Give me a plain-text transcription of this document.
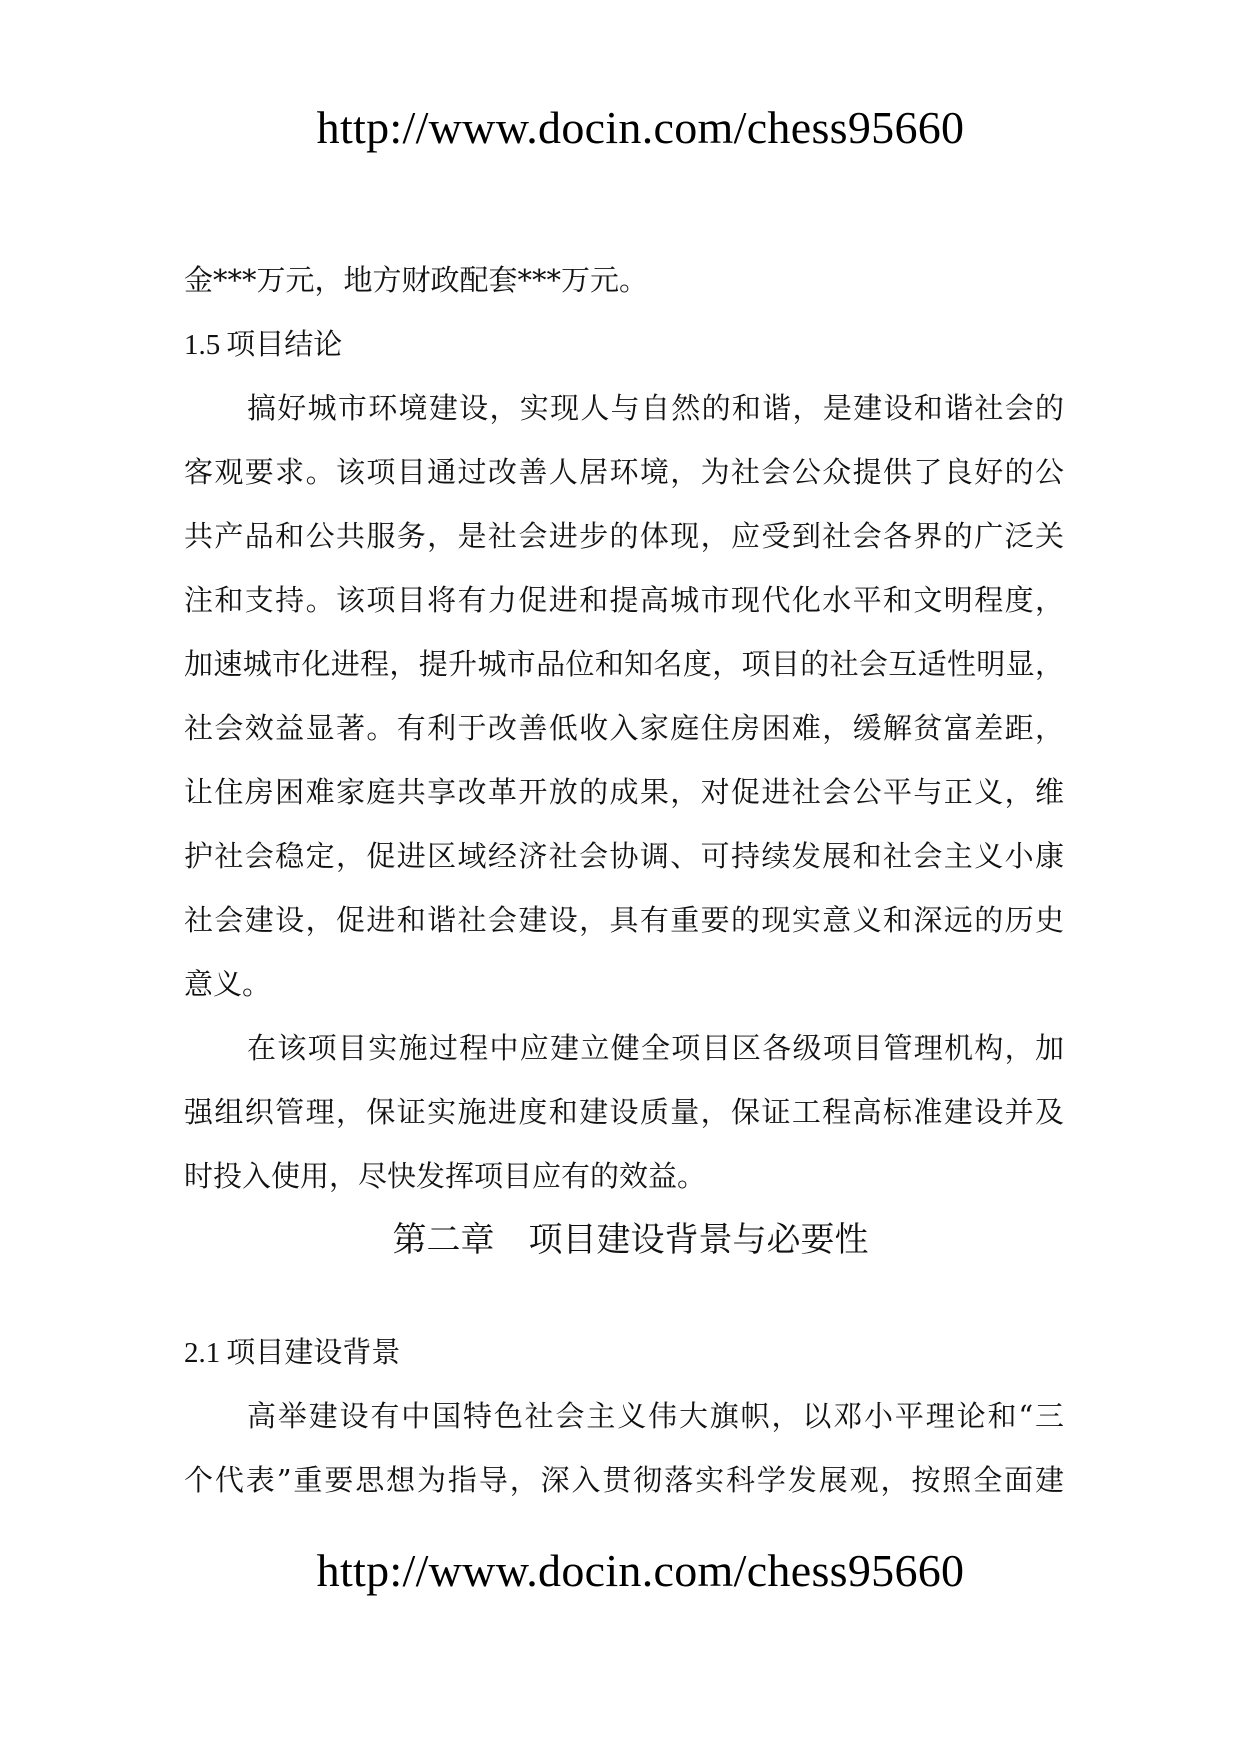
http://www.docin.com/chess95660
金***万元，地方财政配套***万元。
1.5 项目结论
搞好城市环境建设，实现人与自然的和谐，是建设和谐社会的
客观要求。该项目通过改善人居环境，为社会公众提供了良好的公
共产品和公共服务，是社会进步的体现，应受到社会各界的广泛关
注和支持。该项目将有力促进和提高城市现代化水平和文明程度，
加速城市化进程，提升城市品位和知名度，项目的社会互适性明显，
社会效益显著。有利于改善低收入家庭住房困难，缓解贫富差距，
让住房困难家庭共享改革开放的成果，对促进社会公平与正义，维
护社会稳定，促进区域经济社会协调、可持续发展和社会主义小康
社会建设，促进和谐社会建设，具有重要的现实意义和深远的历史
意义。
在该项目实施过程中应建立健全项目区各级项目管理机构，加
强组织管理，保证实施进度和建设质量，保证工程高标准建设并及
时投入使用，尽快发挥项目应有的效益。
第二章　项目建设背景与必要性
2.1 项目建设背景
高举建设有中国特色社会主义伟大旗帜，以邓小平理论和“三
个代表”重要思想为指导，深入贯彻落实科学发展观，按照全面建
http://www.docin.com/chess95660
